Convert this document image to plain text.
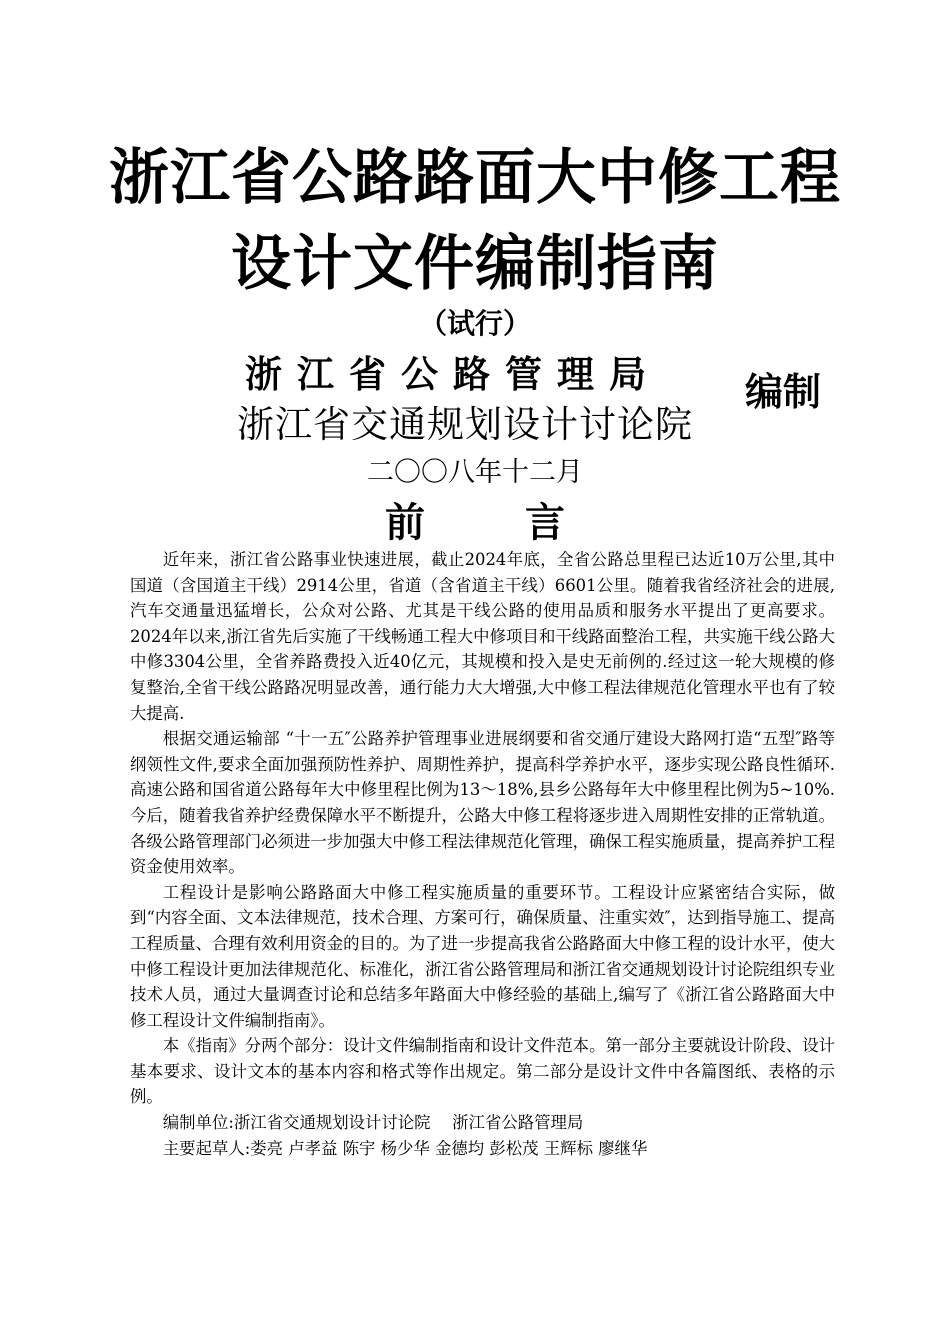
浙江省公路路面大中修工程
设计文件编制指南
（试行）
浙江省公路管理局
浙江省交通规划设计讨论院
编制
二〇〇八年十二月
前	言

近年来，浙江省公路事业快速进展，截止2024年底，全省公路总里程已达近10万公里,其中国道（含国道主干线）2914公里，省道（含省道主干线）6601公里。随着我省经济社会的进展,汽车交通量迅猛增长，公众对公路、尤其是干线公路的使用品质和服务水平提出了更高要求。2024年以来,浙江省先后实施了干线畅通工程大中修项目和干线路面整治工程，共实施干线公路大中修3304公里，全省养路费投入近40亿元，其规模和投入是史无前例的.经过这一轮大规模的修复整治,全省干线公路路况明显改善，通行能力大大增强,大中修工程法律规范化管理水平也有了较大提高.

根据交通运输部 “十一五″公路养护管理事业进展纲要和省交通厅建设大路网打造“五型″路等纲领性文件,要求全面加强预防性养护、周期性养护，提高科学养护水平，逐步实现公路良性循环.高速公路和国省道公路每年大中修里程比例为13～18%,县乡公路每年大中修里程比例为5~10%.今后，随着我省养护经费保障水平不断提升，公路大中修工程将逐步进入周期性安排的正常轨道。各级公路管理部门必须进一步加强大中修工程法律规范化管理，确保工程实施质量，提高养护工程资金使用效率。

工程设计是影响公路路面大中修工程实施质量的重要环节。工程设计应紧密结合实际，做到“内容全面、文本法律规范，技术合理、方案可行，确保质量、注重实效″，达到指导施工、提高工程质量、合理有效利用资金的目的。为了进一步提高我省公路路面大中修工程的设计水平，使大中修工程设计更加法律规范化、标准化，浙江省公路管理局和浙江省交通规划设计讨论院组织专业技术人员，通过大量调查讨论和总结多年路面大中修经验的基础上,编写了《浙江省公路路面大中修工程设计文件编制指南》。

本《指南》分两个部分：设计文件编制指南和设计文件范本。第一部分主要就设计阶段、设计基本要求、设计文本的基本内容和格式等作出规定。第二部分是设计文件中各篇图纸、表格的示例。

编制单位:浙江省交通规划设计讨论院　 浙江省公路管理局

主要起草人:娄亮 卢孝益 陈宇 杨少华 金德均 彭松茂 王辉标 廖继华
